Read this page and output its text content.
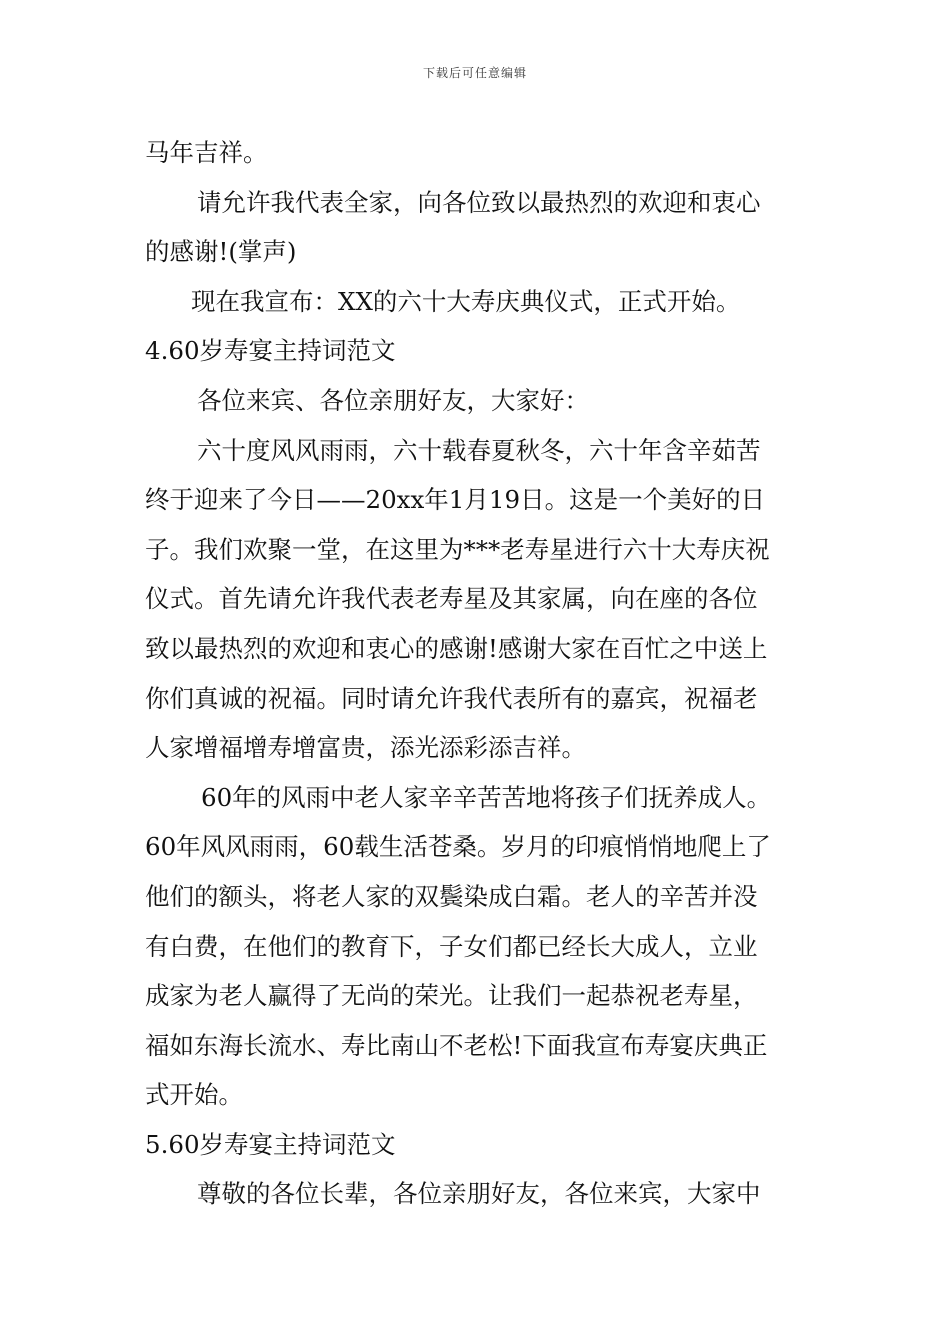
下载后可任意编辑
马年吉祥。
请允许我代表全家，向各位致以最热烈的欢迎和衷心
的感谢!(掌声)
现在我宣布：XX的六十大寿庆典仪式，正式开始。
4.60岁寿宴主持词范文
各位来宾、各位亲朋好友，大家好：
六十度风风雨雨，六十载春夏秋冬，六十年含辛茹苦
终于迎来了今日——20xx年1月19日。这是一个美好的日
子。我们欢聚一堂，在这里为***老寿星进行六十大寿庆祝
仪式。首先请允许我代表老寿星及其家属，向在座的各位
致以最热烈的欢迎和衷心的感谢!感谢大家在百忙之中送上
你们真诚的祝福。同时请允许我代表所有的嘉宾，祝福老
人家增福增寿增富贵，添光添彩添吉祥。
60年的风雨中老人家辛辛苦苦地将孩子们抚养成人。
60年风风雨雨，60载生活苍桑。岁月的印痕悄悄地爬上了
他们的额头，将老人家的双鬓染成白霜。老人的辛苦并没
有白费，在他们的教育下，子女们都已经长大成人，立业
成家为老人赢得了无尚的荣光。让我们一起恭祝老寿星，
福如东海长流水、寿比南山不老松!下面我宣布寿宴庆典正
式开始。
5.60岁寿宴主持词范文
尊敬的各位长辈，各位亲朋好友，各位来宾，大家中
